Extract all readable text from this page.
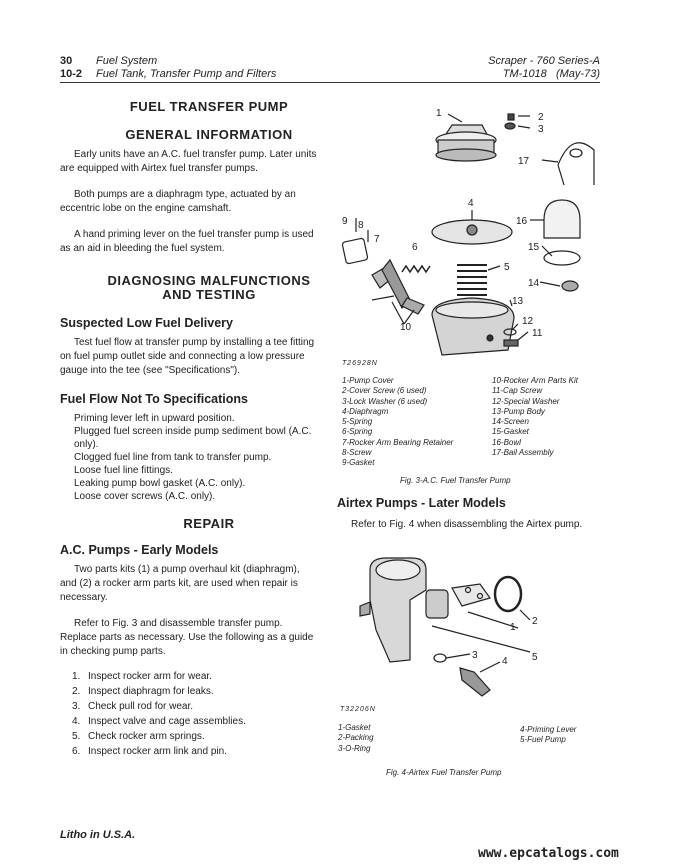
30 Fuel System
10-2 Fuel Tank, Transfer Pump and Filters
Scraper - 760 Series-A
TM-1018 (May-73)
FUEL TRANSFER PUMP
GENERAL INFORMATION

Early units have an A.C. fuel transfer pump. Later units are equipped with Airtex fuel transfer pumps.

Both pumps are a diaphragm type, actuated by an eccentric lobe on the engine camshaft.

A hand priming lever on the fuel transfer pump is used as an aid in bleeding the fuel system.

DIAGNOSING MALFUNCTIONS
AND TESTING
Suspected Low Fuel Delivery

Test fuel flow at transfer pump by installing a tee fitting on fuel pump outlet side and connecting a low pressure gauge into the tee (see "Specifications").

Fuel Flow Not To Specifications
Priming lever left in upward position.
Plugged fuel screen inside pump sediment bowl (A.C. only).
Clogged fuel line from tank to transfer pump.
Loose fuel line fittings.
Leaking pump bowl gasket (A.C. only).
Loose cover screws (A.C. only).
REPAIR
A.C. Pumps - Early Models

Two parts kits (1) a pump overhaul kit (diaphragm), and (2) a rocker arm parts kit, are used when repair is necessary.

Refer to Fig. 3 and disassemble transfer pump. Replace parts as necessary. Use the following as a guide in checking pump parts.

1. Inspect rocker arm for wear.
2. Inspect diaphragm for leaks.
3. Check pull rod for wear.
4. Inspect valve and cage assemblies.
5. Check rocker arm springs.
6. Inspect rocker arm link and pin.
1	2
3
4
5
6
7
8
9
10
11
12
13
14
15
16
17
T26928N
1-Pump Cover
2-Cover Screw (6 used)
3-Lock Washer (6 used)
4-Diaphragm
5-Spring
6-Spring
7-Rocker Arm Bearing Retainer
8-Screw
9-Gasket
10-Rocker Arm Parts Kit
11-Cap Screw
12-Special Washer
13-Pump Body
14-Screen
15-Gasket
16-Bowl
17-Bail Assembly
Fig. 3-A.C. Fuel Transfer Pump
Airtex Pumps - Later Models

Refer to Fig. 4 when disassembling the Airtex pump.

1
2
3
4 5
T32206N
1-Gasket
2-Packing
3-O-Ring
4-Priming Lever
5-Fuel Pump
Fig. 4-Airtex Fuel Transfer Pump
Litho in U.S.A.
www.epcatalogs.com
